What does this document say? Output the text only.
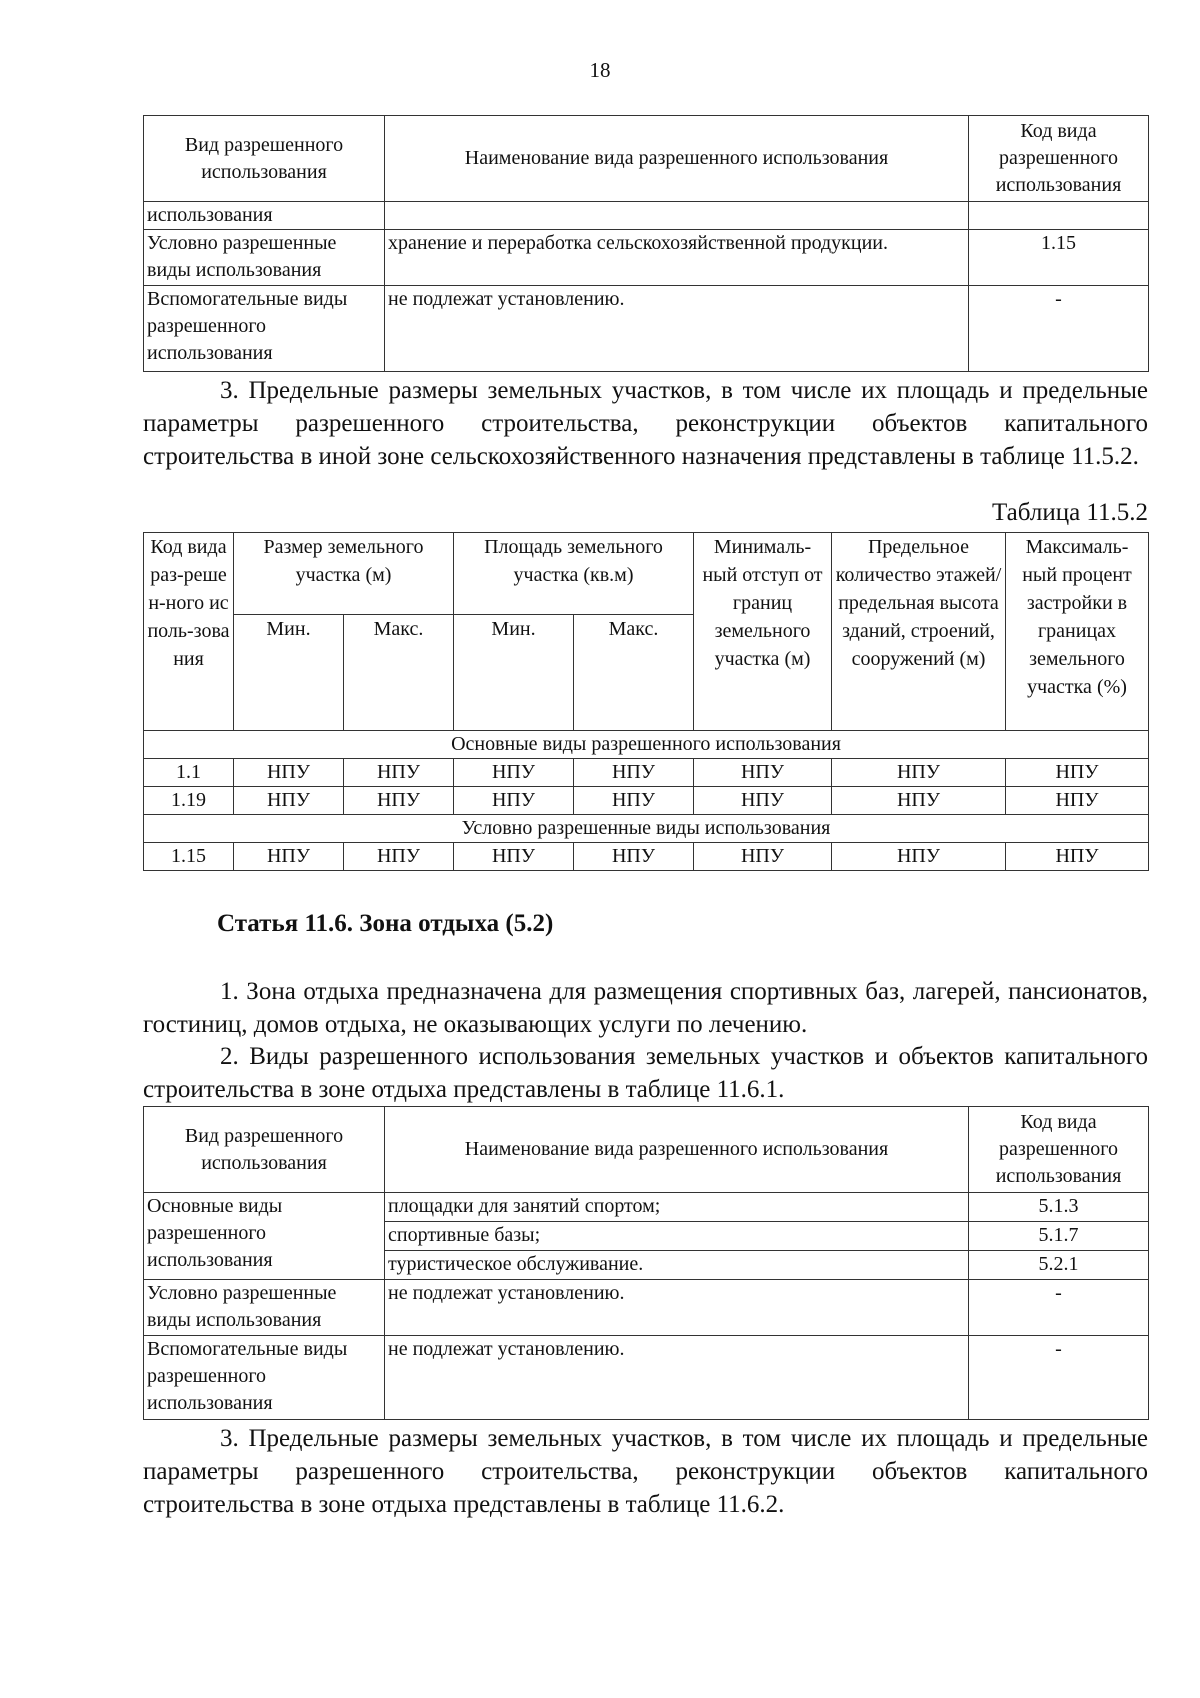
18
Вид разрешенного использования	Наименование вида разрешенного использования	Код вида разрешенного использования
использования		
Условно разрешенные виды использования	хранение и переработка сельскохозяйственной продукции.	1.15
Вспомогательные виды разрешенного использования	не подлежат установлению.	-

3. Предельные размеры земельных участков, в том числе их площадь и предельные параметры разрешенного строительства, реконструкции объектов капитального строительства в иной зоне сельскохозяйственного назначения представлены в таблице 11.5.2.

Таблица 11.5.2
Код вида раз-решен-ного исполь-зования	Размер земельного участка (м)		Площадь земельного участка (кв.м)		Минималь-ный отступ от границ земельного участка (м)	Предельное количество этажей/ предельная высота зданий, строений, сооружений (м)	Максималь-ный процент застройки в границах земельного участка (%)
	Мин.	Макс.	Мин.	Макс.			
Основные виды разрешенного использования							
1.1	НПУ	НПУ	НПУ	НПУ	НПУ	НПУ	НПУ
1.19	НПУ	НПУ	НПУ	НПУ	НПУ	НПУ	НПУ
Условно разрешенные виды использования							
1.15	НПУ	НПУ	НПУ	НПУ	НПУ	НПУ	НПУ
Статья 11.6. Зона отдыха (5.2)

1. Зона отдыха предназначена для размещения спортивных баз, лагерей, пансионатов, гостиниц, домов отдыха, не оказывающих услуги по лечению.

2. Виды разрешенного использования земельных участков и объектов капитального строительства в зоне отдыха представлены в таблице 11.6.1.

Вид разрешенного использования	Наименование вида разрешенного использования	Код вида разрешенного использования
Основные виды разрешенного использования	площадки для занятий спортом;	5.1.3
	спортивные базы;	5.1.7
	туристическое обслуживание.	5.2.1
Условно разрешенные виды использования	не подлежат установлению.	-
Вспомогательные виды разрешенного использования	не подлежат установлению.	-

3. Предельные размеры земельных участков, в том числе их площадь и предельные параметры разрешенного строительства, реконструкции объектов капитального строительства в зоне отдыха представлены в таблице 11.6.2.
